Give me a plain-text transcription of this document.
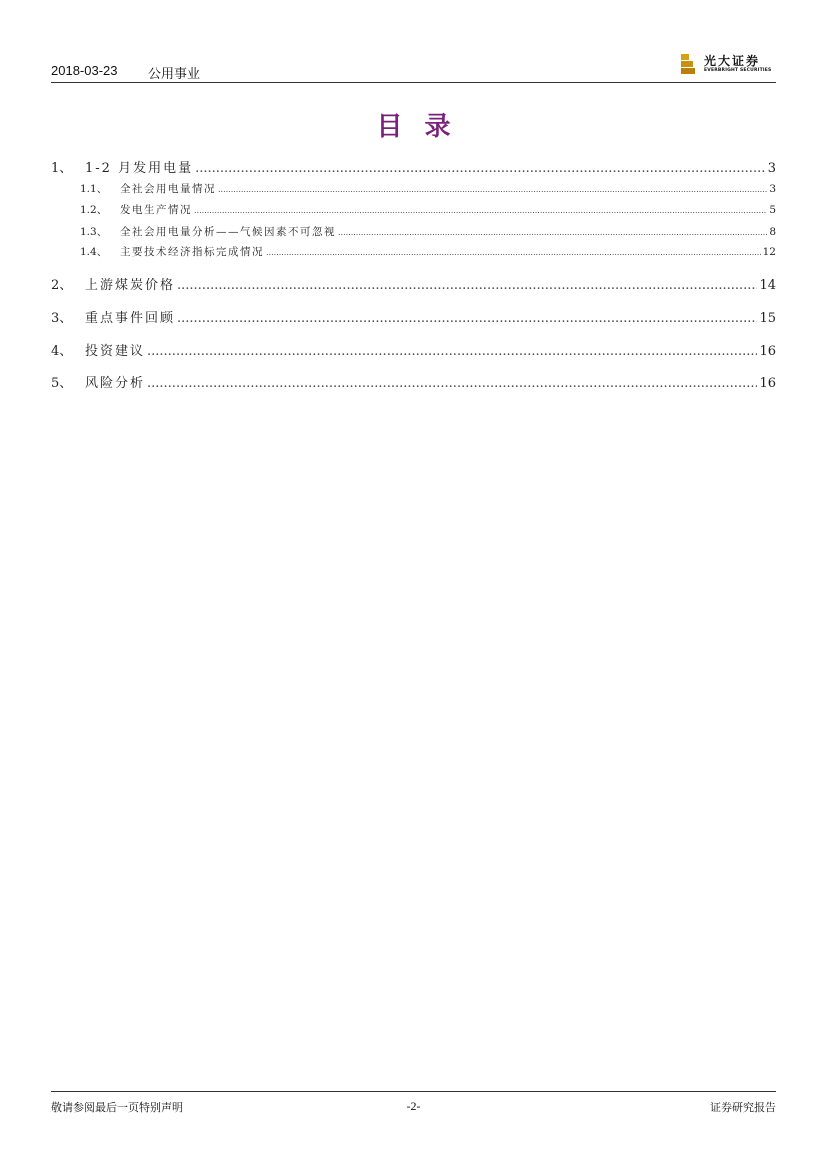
2018-03-23 公用事业
光大证券
EVERBRIGHT SECURITIES
目录
1、 1-2 月发用电量 .....	3
1.1、	全社会用电量情况 .....	3
1.2、	发电生产情况 .....	5
1.3、	全社会用电量分析——气候因素不可忽视 .....	8
1.4、	主要技术经济指标完成情况 .....	12
2、 上游煤炭价格 .....	14
3、 重点事件回顾 .....	15
4、 投资建议 .....	16
5、 风险分析 .....	16
敬请参阅最后一页特别声明	-2-	证券研究报告
